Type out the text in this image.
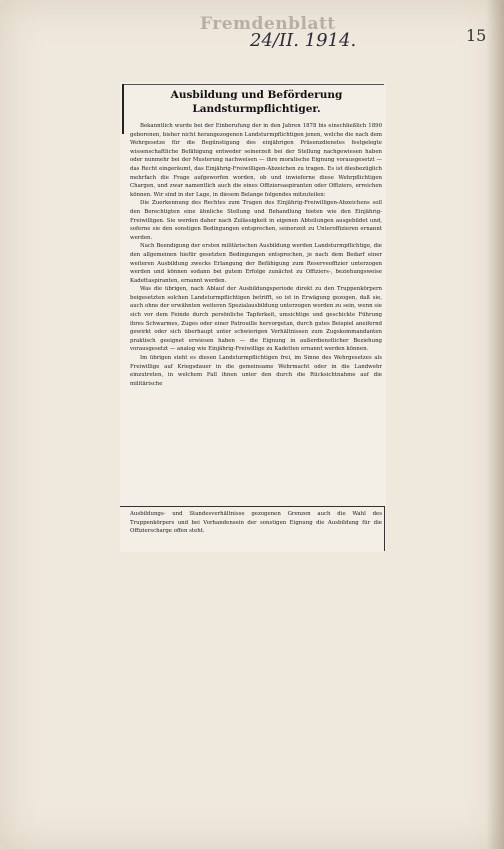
Fremdenblatt
24/II. 1914.	15
Ausbildung und Beförderung Landsturmpflichtiger.

Bekanntlich wurde bei der Einberufung der in den Jahren 1878 bis einschließlich 1890 geborenen, bisher nicht herangezogenen Landsturmpflichtigen jenen, welche die nach dem Wehrgesetze für die Begünstigung des einjährigen Präsenzdienstes festgelegte wissenschaftliche Befähigung entweder seinerzeit bei der Stellung nachgewiesen haben oder nunmehr bei der Musterung nachweisen — ihre moralische Eignung vorausgesetzt — das Recht eingeräumt, das Einjährig-Freiwilligen-Abzeichen zu tragen. Es ist diesbezüglich mehrfach die Frage aufgeworfen worden, ob und inwieferne diese Wehrpflichtigen Chargen, und zwar namentlich auch die eines Offiziersaspiranten oder Offiziers, erreichen können. Wir sind in der Lage, in diesem Belange folgendes mitzuteilen:

Die Zuerkennung des Rechtes zum Tragen des Einjährig-Freiwilligen-Abzeichens soll den Berechtigten eine ähnliche Stellung und Behandlung bieten wie den Einjährig-Freiwilligen. Sie werden daher nach Zulässigkeit in eigenen Abteilungen ausgebildet und, soferne sie den sonstigen Bedingungen entsprechen, seinerzeit zu Unteroffizieren ernannt werden.

Nach Beendigung der ersten militärischen Ausbildung werden Landsturmpflichtige, die den allgemeinen hiefür gesetzten Bedingungen entsprechen, je nach dem Bedarf einer weiteren Ausbildung zwecks Erlangung der Befähigung zum Reserveoffizier unterzogen werden und können sodann bei gutem Erfolge zunächst zu Offiziers-, beziehungsweise Kadettaspiranten, ernannt werden.

Was die übrigen, nach Ablauf der Ausbildungsperiode direkt zu den Truppenkörpern beigesetzten solchen Landsturmpflichtigen betrifft, so ist in Erwägung gezogen, daß sie, auch ohne der erwähnten weiteren Spezialausbildung unterzogen worden zu sein, wenn sie sich vor dem Feinde durch persönliche Tapferkeit, umsichtige und geschickte Führung ihres Schwarmes, Zuges oder einer Patrouille hervorgetan, durch gutes Beispiel aneifernd gewirkt oder sich überhaupt unter schwierigen Verhältnissen zum Zugskommandanten praktisch geeignet erwiesen haben — die Eignung in außerdienstlicher Beziehung vorausgesetzt — analog wie Einjährig-Freiwillige zu Kadetten ernannt werden können.

Im übrigen steht es diesen Landsturmpflichtigen frei, im Sinne des Wehrgesetzes als Freiwillige auf Kriegsdauer in die gemeinsame Wehrmacht oder in die Landwehr einzutreten, in welchem Fall ihnen unter den durch die Rücksichtnahme auf die militärische

Ausbildungs- und Standesverhältnisse gezogenen Grenzen auch die Wahl des Truppenkörpers und bei Vorhandensein der sonstigen Eignung die Ausbildung für die Offizierscharge offen steht.
